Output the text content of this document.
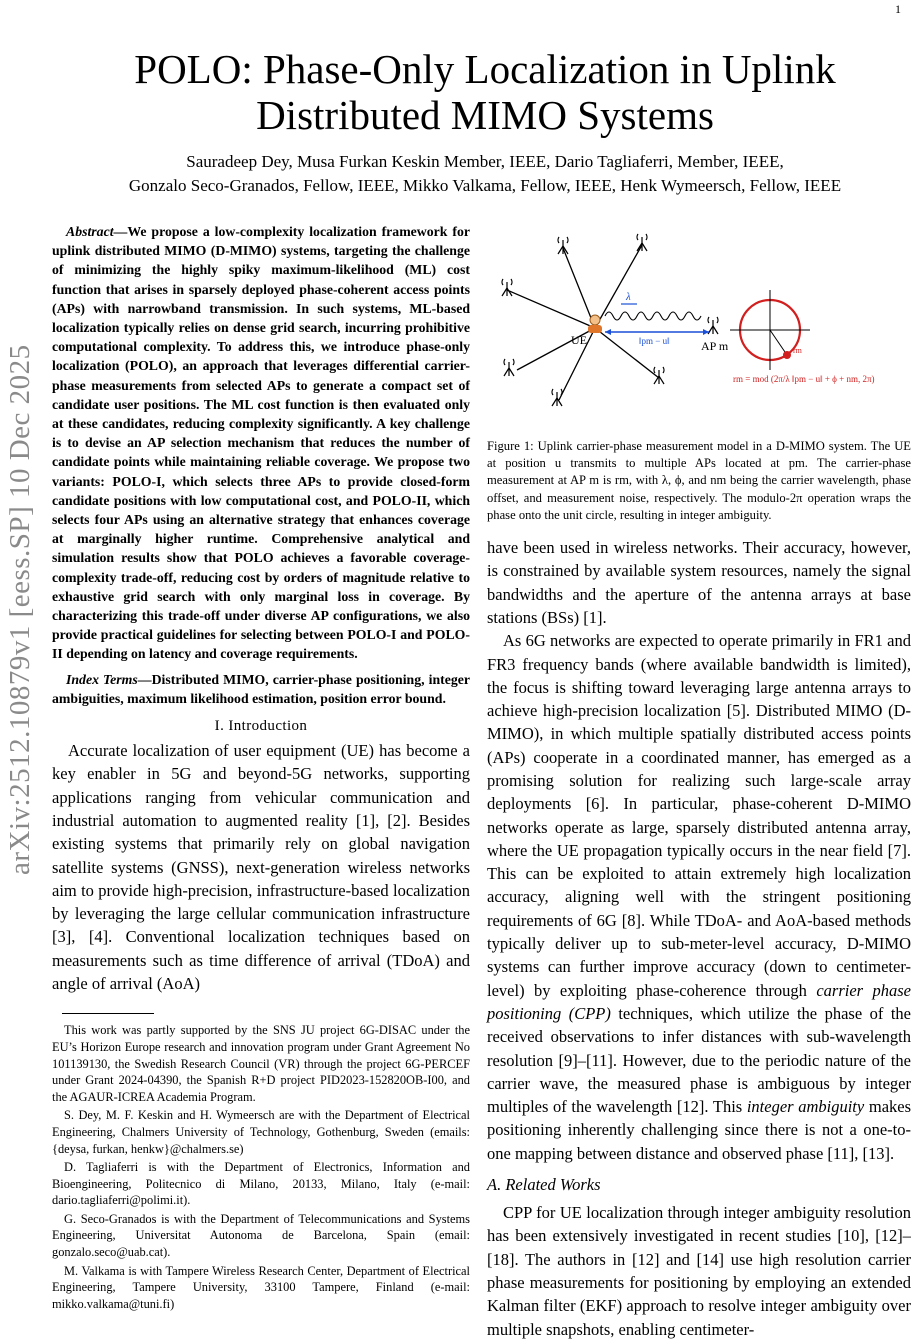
1
arXiv:2512.10879v1 [eess.SP] 10 Dec 2025
POLO: Phase-Only Localization in Uplink Distributed MIMO Systems
Sauradeep Dey, Musa Furkan Keskin Member, IEEE, Dario Tagliaferri, Member, IEEE,
Gonzalo Seco-Granados, Fellow, IEEE, Mikko Valkama, Fellow, IEEE, Henk Wymeersch, Fellow, IEEE

Abstract—We propose a low-complexity localization framework for uplink distributed MIMO (D-MIMO) systems, targeting the challenge of minimizing the highly spiky maximum-likelihood (ML) cost function that arises in sparsely deployed phase-coherent access points (APs) with narrowband transmission. In such systems, ML-based localization typically relies on dense grid search, incurring prohibitive computational complexity. To address this, we introduce phase-only localization (POLO), an approach that leverages differential carrier-phase measurements from selected APs to generate a compact set of candidate user positions. The ML cost function is then evaluated only at these candidates, reducing complexity significantly. A key challenge is to devise an AP selection mechanism that reduces the number of candidate points while maintaining reliable coverage. We propose two variants: POLO-I, which selects three APs to provide closed-form candidate positions with low computational cost, and POLO-II, which selects four APs using an alternative strategy that enhances coverage at marginally higher runtime. Comprehensive analytical and simulation results show that POLO achieves a favorable coverage-complexity trade-off, reducing cost by orders of magnitude relative to exhaustive grid search with only marginal loss in coverage. By characterizing this trade-off under diverse AP configurations, we also provide practical guidelines for selecting between POLO-I and POLO-II depending on latency and coverage requirements.

Index Terms—Distributed MIMO, carrier-phase positioning, integer ambiguities, maximum likelihood estimation, position error bound.

I. Introduction

Accurate localization of user equipment (UE) has become a key enabler in 5G and beyond-5G networks, supporting applications ranging from vehicular communication and industrial automation to augmented reality [1], [2]. Besides existing systems that primarily rely on global navigation satellite systems (GNSS), next-generation wireless networks aim to provide high-precision, infrastructure-based localization by leveraging the large cellular communication infrastructure [3], [4]. Conventional localization techniques based on measurements such as time difference of arrival (TDoA) and angle of arrival (AoA)

This work was partly supported by the SNS JU project 6G-DISAC under the EU’s Horizon Europe research and innovation program under Grant Agreement No 101139130, the Swedish Research Council (VR) through the project 6G-PERCEF under Grant 2024-04390, the Spanish R+D project PID2023-152820OB-I00, and the AGAUR-ICREA Academia Program.

S. Dey, M. F. Keskin and H. Wymeersch are with the Department of Electrical Engineering, Chalmers University of Technology, Gothenburg, Sweden (emails: {deysa, furkan, henkw}@chalmers.se)

D. Tagliaferri is with the Department of Electronics, Information and Bioengineering, Politecnico di Milano, 20133, Milano, Italy (e-mail: dario.tagliaferri@polimi.it).

G. Seco-Granados is with the Department of Telecommunications and Systems Engineering, Universitat Autonoma de Barcelona, Spain (email: gonzalo.seco@uab.cat).

M. Valkama is with Tampere Wireless Research Center, Department of Electrical Engineering, Tampere University, 33100 Tampere, Finland (e-mail: mikko.valkama@tuni.fi)

UE
λ
‖pm − u‖	AP m	rm
rm = mod (2π/λ ‖pm − u‖ + ϕ + nm, 2π)

Figure 1: Uplink carrier-phase measurement model in a D-MIMO system. The UE at position u transmits to multiple APs located at pm. The carrier-phase measurement at AP m is rm, with λ, ϕ, and nm being the carrier wavelength, phase offset, and measurement noise, respectively. The modulo-2π operation wraps the phase onto the unit circle, resulting in integer ambiguity.

have been used in wireless networks. Their accuracy, however, is constrained by available system resources, namely the signal bandwidths and the aperture of the antenna arrays at base stations (BSs) [1].

As 6G networks are expected to operate primarily in FR1 and FR3 frequency bands (where available bandwidth is limited), the focus is shifting toward leveraging large antenna arrays to achieve high-precision localization [5]. Distributed MIMO (D-MIMO), in which multiple spatially distributed access points (APs) cooperate in a coordinated manner, has emerged as a promising solution for realizing such large-scale array deployments [6]. In particular, phase-coherent D-MIMO networks operate as large, sparsely distributed antenna array, where the UE propagation typically occurs in the near field [7]. This can be exploited to attain extremely high localization accuracy, aligning well with the stringent positioning requirements of 6G [8]. While TDoA- and AoA-based methods typically deliver up to sub-meter-level accuracy, D-MIMO systems can further improve accuracy (down to centimeter-level) by exploiting phase-coherence through carrier phase positioning (CPP) techniques, which utilize the phase of the received observations to infer distances with sub-wavelength resolution [9]–[11]. However, due to the periodic nature of the carrier wave, the measured phase is ambiguous by integer multiples of the wavelength [12]. This integer ambiguity makes positioning inherently challenging since there is not a one-to-one mapping between distance and observed phase [11], [13].

A. Related Works

CPP for UE localization through integer ambiguity resolution has been extensively investigated in recent studies [10], [12]–[18]. The authors in [12] and [14] use high resolution carrier phase measurements for positioning by employing an extended Kalman filter (EKF) approach to resolve integer ambiguity over multiple snapshots, enabling centimeter-
